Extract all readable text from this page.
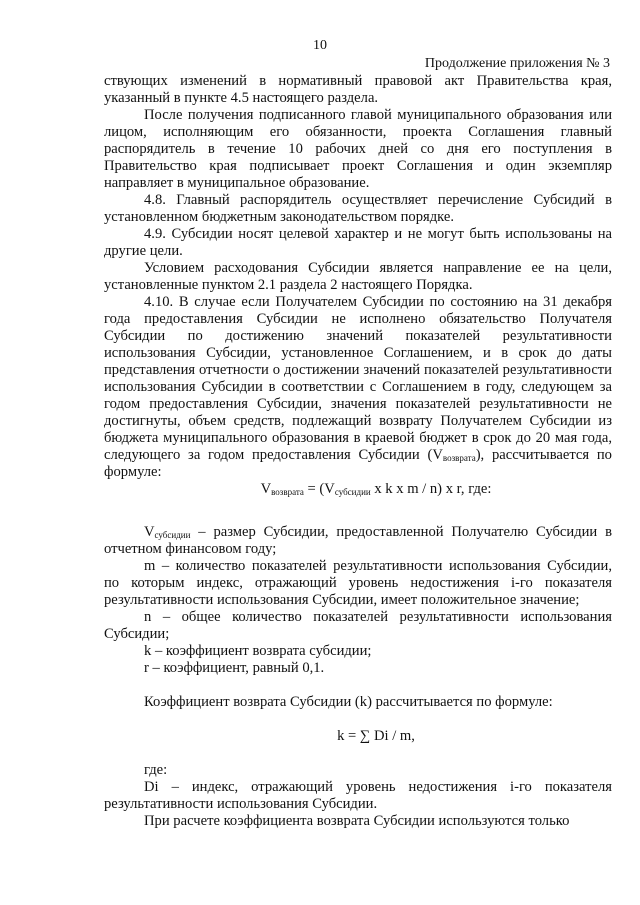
10
Продолжение приложения № 3

ствующих изменений в нормативный правовой акт Правительства края, указанный в пункте 4.5 настоящего раздела.

После получения подписанного главой муниципального образования или лицом, исполняющим его обязанности, проекта Соглашения главный распорядитель в течение 10 рабочих дней со дня его поступления в Правительство края подписывает проект Соглашения и один экземпляр направляет в муниципальное образование.

4.8. Главный распорядитель осуществляет перечисление Субсидий в установленном бюджетным законодательством порядке.

4.9. Субсидии носят целевой характер и не могут быть использованы на другие цели.

Условием расходования Субсидии является направление ее на цели, установленные пунктом 2.1 раздела 2 настоящего Порядка.

4.10. В случае если Получателем Субсидии по состоянию на 31 декабря года предоставления Субсидии не исполнено обязательство Получателя Субсидии по достижению значений показателей результативности использования Субсидии, установленное Соглашением, и в срок до даты представления отчетности о достижении значений показателей результативности использования Субсидии в соответствии с Соглашением в году, следующем за годом предоставления Субсидии, значения показателей результативности не достигнуты, объем средств, подлежащий возврату Получателем Субсидии из бюджета муниципального образования в краевой бюджет в срок до 20 мая года, следующего за годом предоставления Субсидии $(V_{возврата})$, рассчитывается по формуле:

$V_{возврата} = (V_{субсидии}$ x k x m / n) x r, где:

$V_{субсидии}$ – размер Субсидии, предоставленной Получателю Субсидии в отчетном финансовом году;

m – количество показателей результативности использования Субсидии, по которым индекс, отражающий уровень недостижения i-го показателя результативности использования Субсидии, имеет положительное значение;

n – общее количество показателей результативности использования Субсидии;

k – коэффициент возврата субсидии;

r – коэффициент, равный 0,1.

Коэффициент возврата Субсидии (k) рассчитывается по формуле:

k = ∑ Di / m,

где:

Di – индекс, отражающий уровень недостижения i-го показателя результативности использования Субсидии.

При расчете коэффициента возврата Субсидии используются только
